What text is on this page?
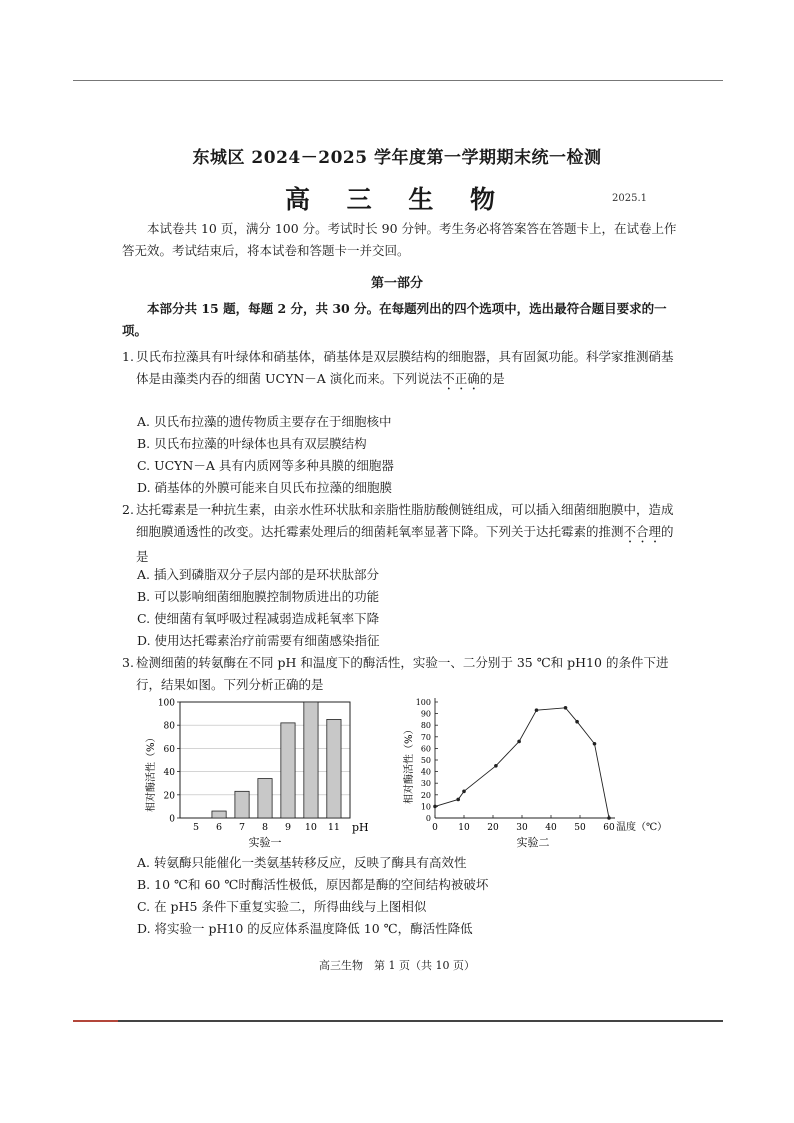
东城区 2024－2025 学年度第一学期期末统一检测
高 三 生 物	2025.1
本试卷共 10 页，满分 100 分。考试时长 90 分钟。考生务必将答案答在答题卡上，在试卷上作答无效。考试结束后，将本试卷和答题卡一并交回。
第一部分
本部分共 15 题，每题 2 分，共 30 分。在每题列出的四个选项中，选出最符合题目要求的一项。
1. 贝氏布拉藻具有叶绿体和硝基体，硝基体是双层膜结构的细胞器，具有固氮功能。科学家推测硝基体是由藻类内吞的细菌 UCYN－A 演化而来。下列说法不正确的是
A. 贝氏布拉藻的遗传物质主要存在于细胞核中
B. 贝氏布拉藻的叶绿体也具有双层膜结构
C. UCYN－A 具有内质网等多种具膜的细胞器
D. 硝基体的外膜可能来自贝氏布拉藻的细胞膜
2. 达托霉素是一种抗生素，由亲水性环状肽和亲脂性脂肪酸侧链组成，可以插入细菌细胞膜中，造成细胞膜通透性的改变。达托霉素处理后的细菌耗氧率显著下降。下列关于达托霉素的推测不合理的是
A. 插入到磷脂双分子层内部的是环状肽部分
B. 可以影响细菌细胞膜控制物质进出的功能
C. 使细菌有氧呼吸过程减弱造成耗氧率下降
D. 使用达托霉素治疗前需要有细菌感染指征
3. 检测细菌的转氨酶在不同 pH 和温度下的酶活性，实验一、二分别于 35 ℃和 pH10 的条件下进行，结果如图。下列分析正确的是
0
20
40
60
80
100
5 6 7 8 9 10 11 pH
相对酶活性（%）
实验一
0
10
20
30
40
50
60
70
80
90
100
0 10 20 30 40 50 60 温度（℃）
相对酶活性（%）
实验二
A. 转氨酶只能催化一类氨基转移反应，反映了酶具有高效性
B. 10 ℃和 60 ℃时酶活性极低，原因都是酶的空间结构被破坏
C. 在 pH5 条件下重复实验二，所得曲线与上图相似
D. 将实验一 pH10 的反应体系温度降低 10 ℃，酶活性降低
高三生物　第 1 页（共 10 页）
